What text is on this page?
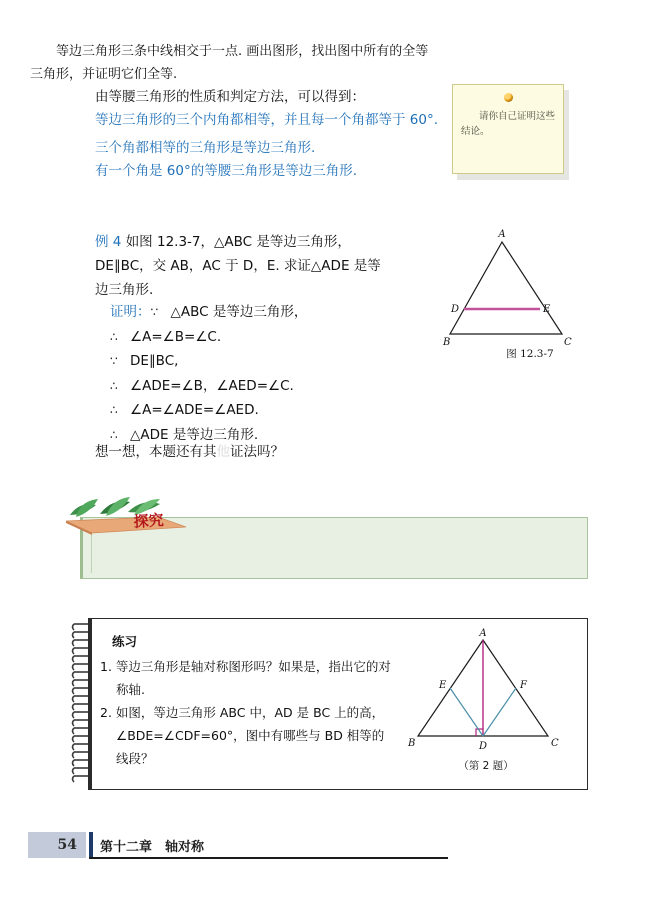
由等腰三角形的性质和判定方法，可以得到：
等边三角形的三个内角都相等，并且每一个角都等于 60°.
三个角都相等的三角形是等边三角形.
有一个角是 60°的等腰三角形是等边三角形.
请你自己证明这些结论。
例 4 如图 12.3-7，△ABC 是等边三角形，DE∥BC，交 AB，AC 于 D，E. 求证△ADE 是等边三角形.
证明：∵ △ABC 是等边三角形，
∴ ∠A=∠B=∠C.
∵ DE∥BC,
∴ ∠ADE=∠B，∠AED=∠C.
∴ ∠A=∠ADE=∠AED.
∴ △ADE 是等边三角形.
想一想，本题还有其他证法吗？
A
B	C
D	E
图 12.3-7
探究
等边三角形三条中线相交于一点. 画出图形，找出图中所有的全等
三角形，并证明它们全等.
练习
1. 等边三角形是轴对称图形吗？如果是，指出它的对称轴.
2. 如图，等边三角形 ABC 中，AD 是 BC 上的高，
∠BDE=∠CDF=60°，图中有哪些与 BD 相等的
线段？
A
B	C
D
E	F
（第 2 题）
54	第十二章　轴对称
